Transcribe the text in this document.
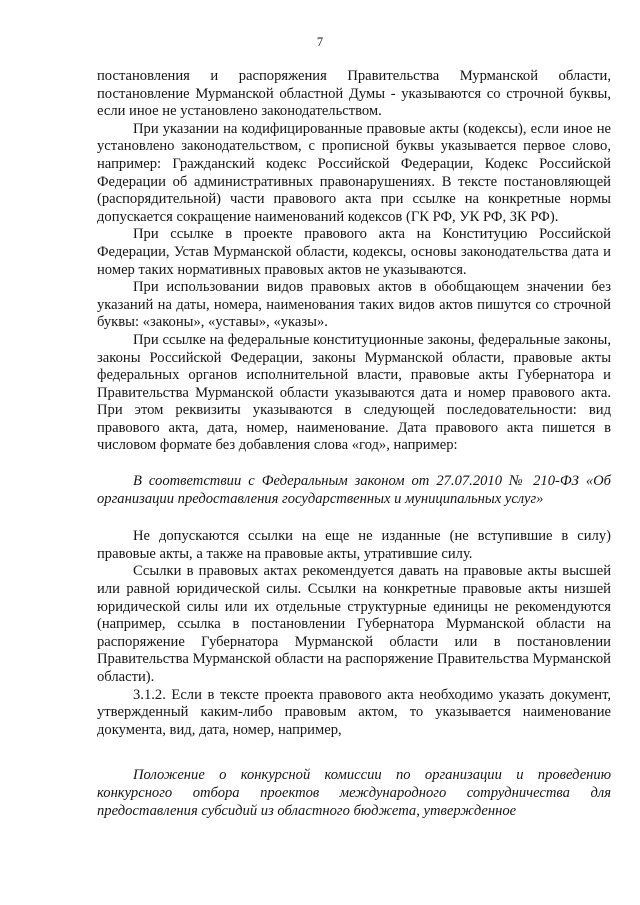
7

постановления и распоряжения Правительства Мурманской области, постановление Мурманской областной Думы - указываются со строчной буквы, если иное не установлено законодательством.

При указании на кодифицированные правовые акты (кодексы), если иное не установлено законодательством, с прописной буквы указывается первое слово, например: Гражданский кодекс Российской Федерации, Кодекс Российской Федерации об административных правонарушениях. В тексте постановляющей (распорядительной) части правового акта при ссылке на конкретные нормы допускается сокращение наименований кодексов (ГК РФ, УК РФ, ЗК РФ).

При ссылке в проекте правового акта на Конституцию Российской Федерации, Устав Мурманской области, кодексы, основы законодательства дата и номер таких нормативных правовых актов не указываются.

При использовании видов правовых актов в обобщающем значении без указаний на даты, номера, наименования таких видов актов пишутся со строчной буквы: «законы», «уставы», «указы».

При ссылке на федеральные конституционные законы, федеральные законы, законы Российской Федерации, законы Мурманской области, правовые акты федеральных органов исполнительной власти, правовые акты Губернатора и Правительства Мурманской области указываются дата и номер правового акта. При этом реквизиты указываются в следующей последовательности: вид правового акта, дата, номер, наименование. Дата правового акта пишется в числовом формате без добавления слова «год», например:

В соответствии с Федеральным законом от 27.07.2010 № 210-ФЗ «Об организации предоставления государственных и муниципальных услуг»

Не допускаются ссылки на еще не изданные (не вступившие в силу) правовые акты, а также на правовые акты, утратившие силу.

Ссылки в правовых актах рекомендуется давать на правовые акты высшей или равной юридической силы. Ссылки на конкретные правовые акты низшей юридической силы или их отдельные структурные единицы не рекомендуются (например, ссылка в постановлении Губернатора Мурманской области на распоряжение Губернатора Мурманской области или в постановлении Правительства Мурманской области на распоряжение Правительства Мурманской области).

3.1.2. Если в тексте проекта правового акта необходимо указать документ, утвержденный каким-либо правовым актом, то указывается наименование документа, вид, дата, номер, например,

Положение о конкурсной комиссии по организации и проведению конкурсного отбора проектов международного сотрудничества для предоставления субсидий из областного бюджета, утвержденное
